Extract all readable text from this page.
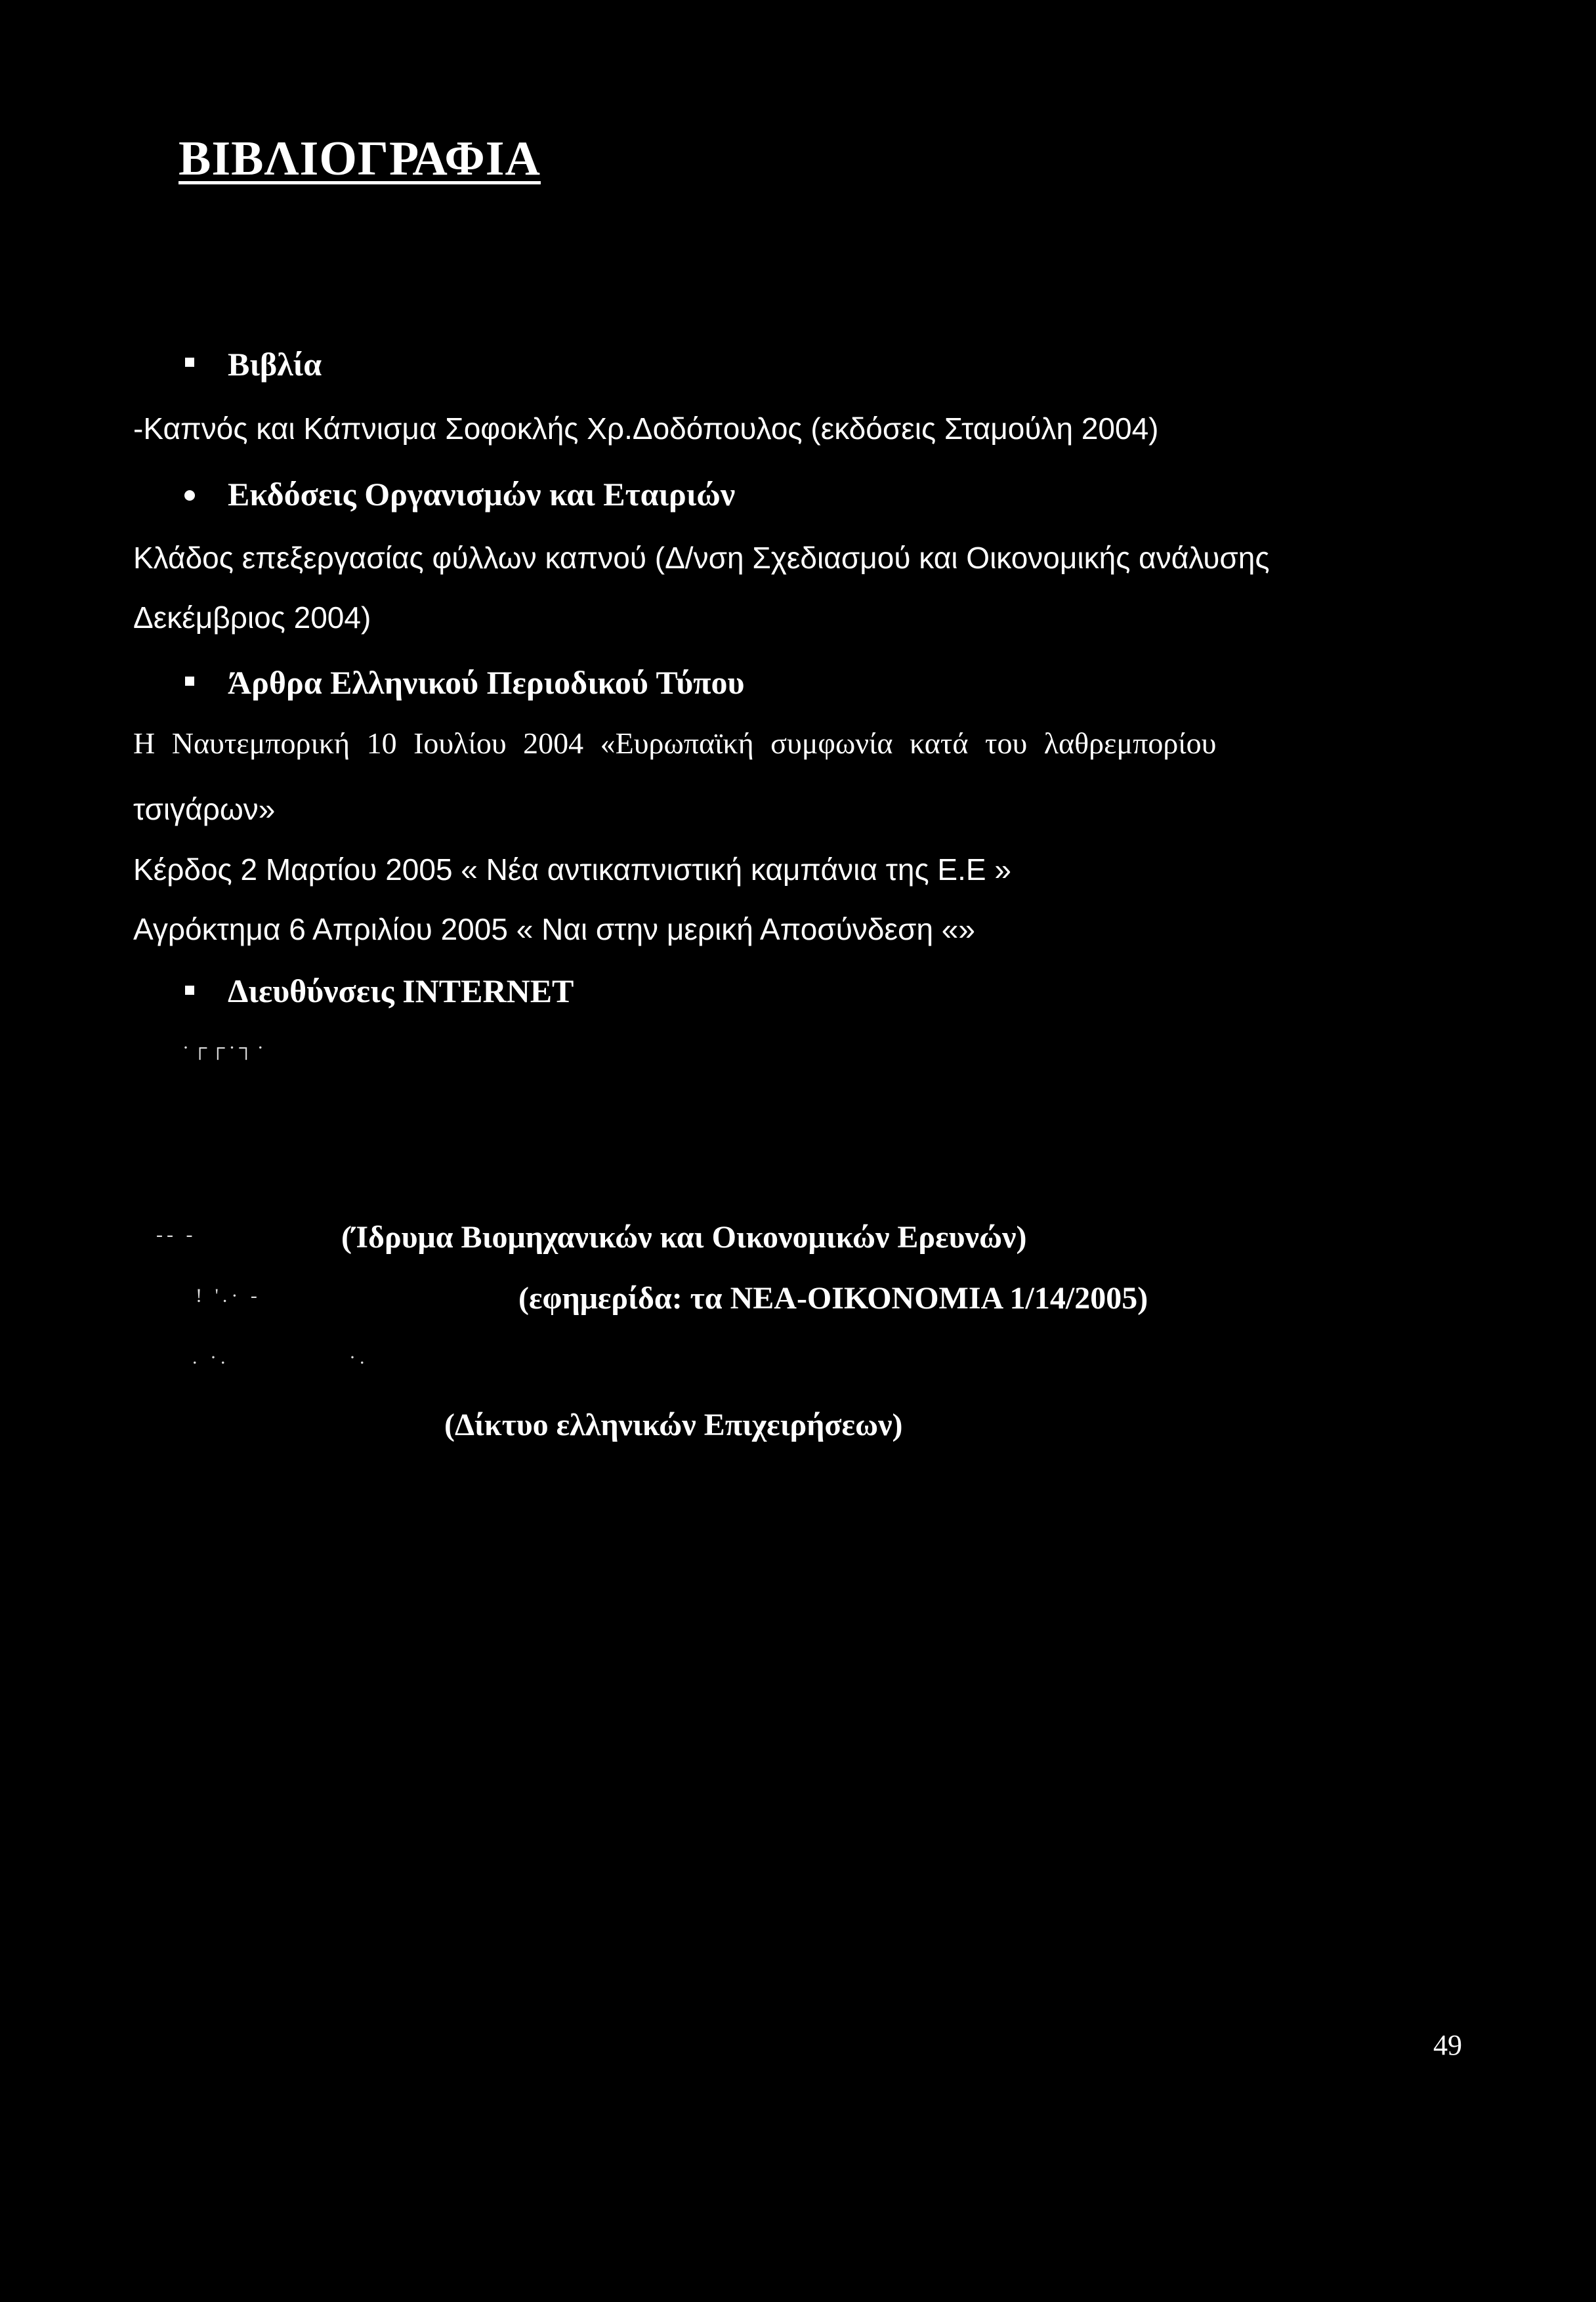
ΒΙΒΛΙΟΓΡΑΦΙΑ
Βιβλία
-Καπνός και Κάπνισμα Σοφοκλής Χρ.Δοδόπουλος (εκδόσεις Σταμούλη 2004)
Εκδόσεις Οργανισμών και Εταιριών
Κλάδος επεξεργασίας φύλλων καπνού (Δ/νση Σχεδιασμού και Οικονομικής ανάλυσης
Δεκέμβριος 2004)
Άρθρα Ελληνικού Περιοδικού Τύπου
Η Ναυτεμπορική 10 Ιουλίου 2004 «Ευρωπαϊκή συμφωνία κατά του λαθρεμπορίου
τσιγάρων»
Κέρδος 2 Μαρτίου 2005 « Νέα αντικαπνιστική καμπάνια της Ε.Ε »
Αγρόκτημα 6 Απριλίου 2005 « Ναι στην μερική Αποσύνδεση «»
Διευθύνσεις INTERNET
·┌┌·┐·
-- -
! '.· -
. ·.	·.
(Ίδρυμα Βιομηχανικών και Οικονομικών Ερευνών)
(εφημερίδα: τα ΝΕΑ-ΟΙΚΟΝΟΜΙΑ 1/14/2005)
(Δίκτυο ελληνικών Επιχειρήσεων)
49
